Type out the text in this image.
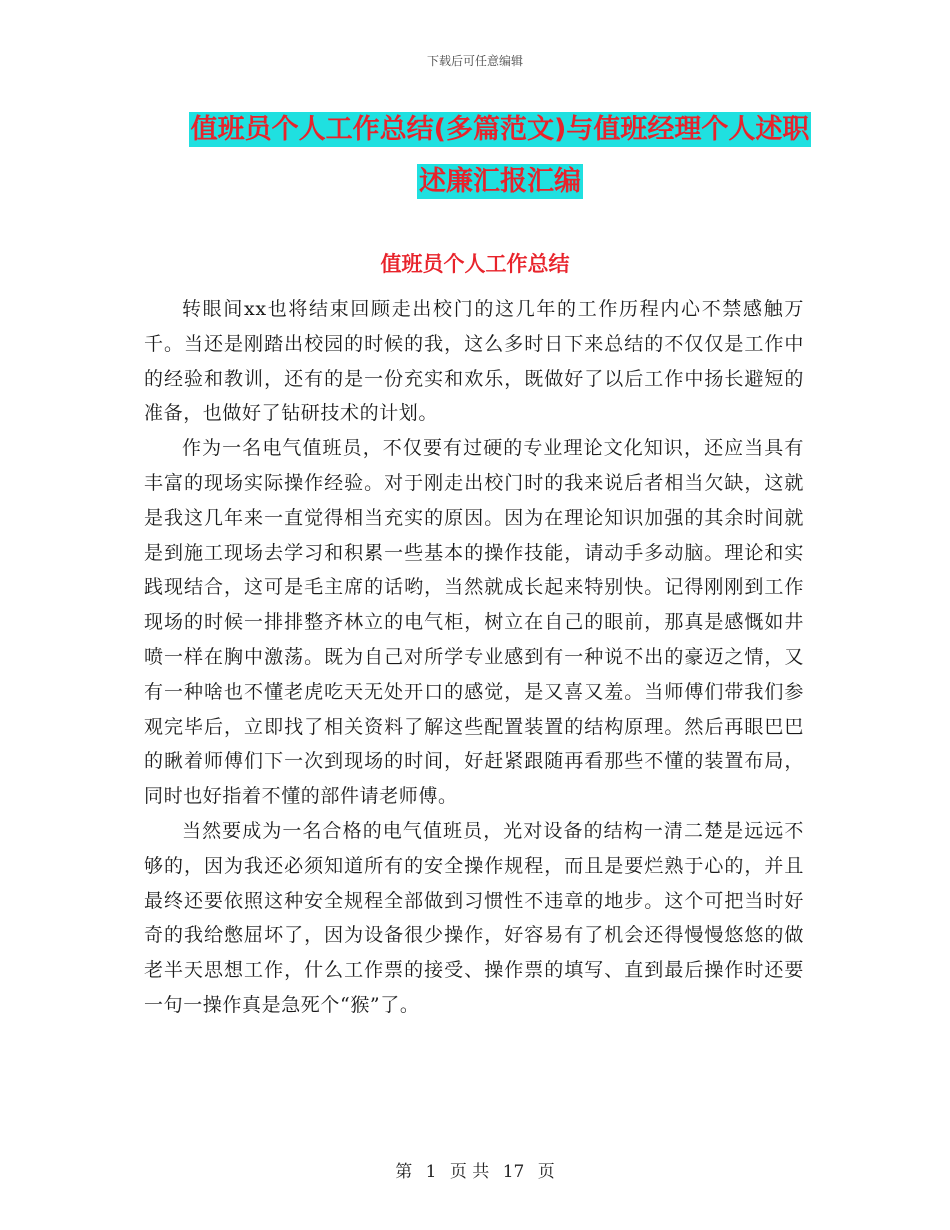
下载后可任意编辑
值班员个人工作总结(多篇范文)与值班经理个人述职
述廉汇报汇编
值班员个人工作总结

转眼间xx也将结束回顾走出校门的这几年的工作历程内心不禁感触万千。当还是刚踏出校园的时候的我，这么多时日下来总结的不仅仅是工作中的经验和教训，还有的是一份充实和欢乐，既做好了以后工作中扬长避短的准备，也做好了钻研技术的计划。

作为一名电气值班员，不仅要有过硬的专业理论文化知识，还应当具有丰富的现场实际操作经验。对于刚走出校门时的我来说后者相当欠缺，这就是我这几年来一直觉得相当充实的原因。因为在理论知识加强的其余时间就是到施工现场去学习和积累一些基本的操作技能，请动手多动脑。理论和实践现结合，这可是毛主席的话哟，当然就成长起来特别快。记得刚刚到工作现场的时候一排排整齐林立的电气柜，树立在自己的眼前，那真是感慨如井喷一样在胸中激荡。既为自己对所学专业感到有一种说不出的豪迈之情，又有一种啥也不懂老虎吃天无处开口的感觉，是又喜又羞。当师傅们带我们参观完毕后，立即找了相关资料了解这些配置装置的结构原理。然后再眼巴巴的瞅着师傅们下一次到现场的时间，好赶紧跟随再看那些不懂的装置布局，同时也好指着不懂的部件请老师傅。

当然要成为一名合格的电气值班员，光对设备的结构一清二楚是远远不够的，因为我还必须知道所有的安全操作规程，而且是要烂熟于心的，并且最终还要依照这种安全规程全部做到习惯性不违章的地步。这个可把当时好奇的我给憋屈坏了，因为设备很少操作，好容易有了机会还得慢慢悠悠的做老半天思想工作，什么工作票的接受、操作票的填写、直到最后操作时还要一句一操作真是急死个“猴”了。

第 1 页 共 17 页
